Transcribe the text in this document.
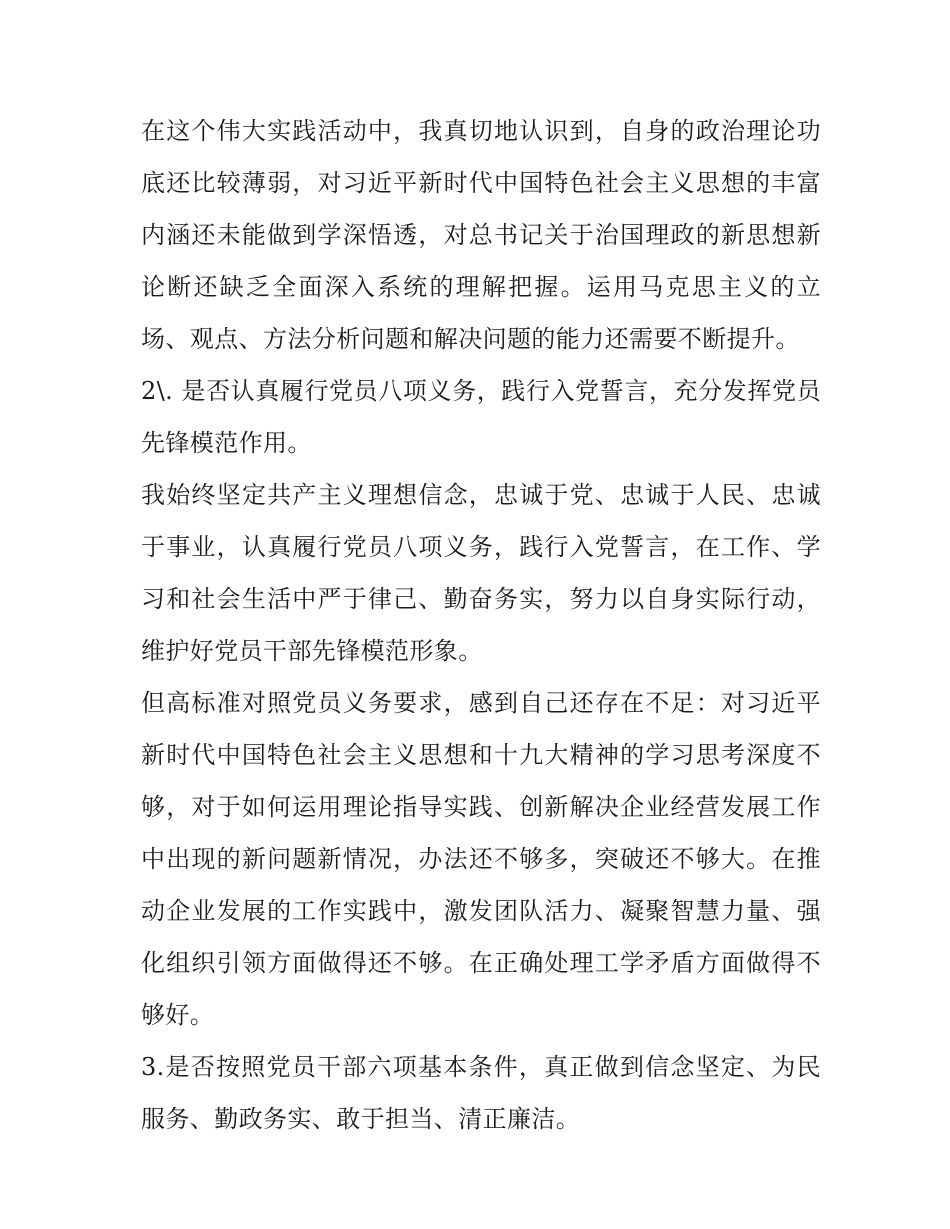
在这个伟大实践活动中，我真切地认识到，自身的政治理论功底还比较薄弱，对习近平新时代中国特色社会主义思想的丰富内涵还未能做到学深悟透，对总书记关于治国理政的新思想新论断还缺乏全面深入系统的理解把握。运用马克思主义的立场、观点、方法分析问题和解决问题的能力还需要不断提升。

2\. 是否认真履行党员八项义务，践行入党誓言，充分发挥党员先锋模范作用。

我始终坚定共产主义理想信念，忠诚于党、忠诚于人民、忠诚于事业，认真履行党员八项义务，践行入党誓言，在工作、学习和社会生活中严于律己、勤奋务实，努力以自身实际行动，维护好党员干部先锋模范形象。

但高标准对照党员义务要求，感到自己还存在不足：对习近平新时代中国特色社会主义思想和十九大精神的学习思考深度不够，对于如何运用理论指导实践、创新解决企业经营发展工作中出现的新问题新情况，办法还不够多，突破还不够大。在推动企业发展的工作实践中，激发团队活力、凝聚智慧力量、强化组织引领方面做得还不够。在正确处理工学矛盾方面做得不够好。

3.是否按照党员干部六项基本条件，真正做到信念坚定、为民服务、勤政务实、敢于担当、清正廉洁。
